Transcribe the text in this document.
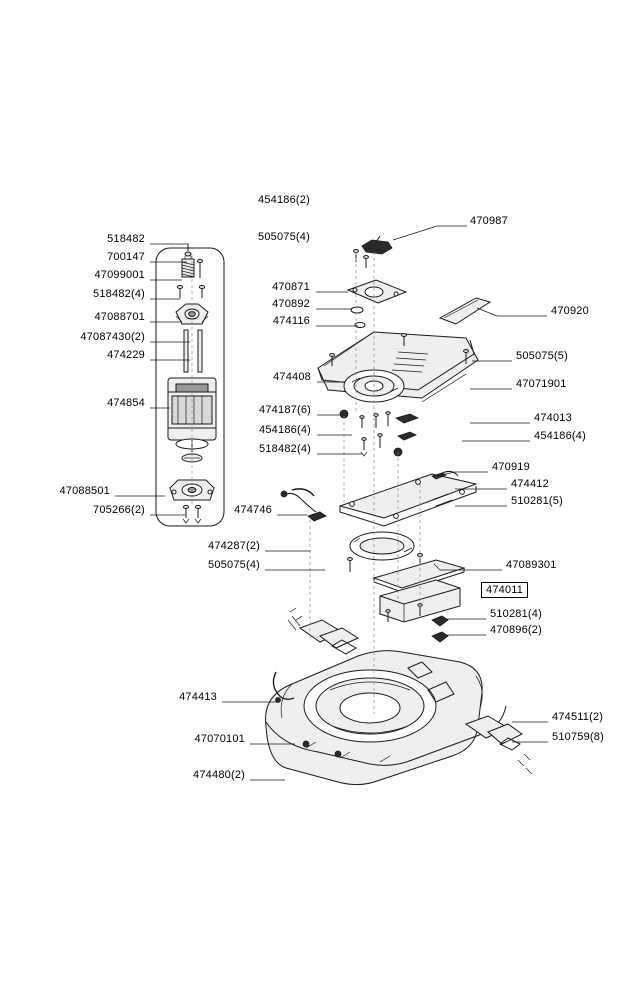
454186(2)
470987
505075(4)
518482
700147
47099001
470871
518482(4)
470892
470920
474116
47088701
47087430(2)
505075(5)
474229
474408
47071901
474854
474187(6)
474013
454186(4)	454186(4)
518482(4)
470919
474412
47088501
510281(5)
705266(2)	474746
474287(2)
505075(4)	47089301
474011
510281(4)
470896(2)
474413
474511(2)
510759(8)
47070101
474480(2)
